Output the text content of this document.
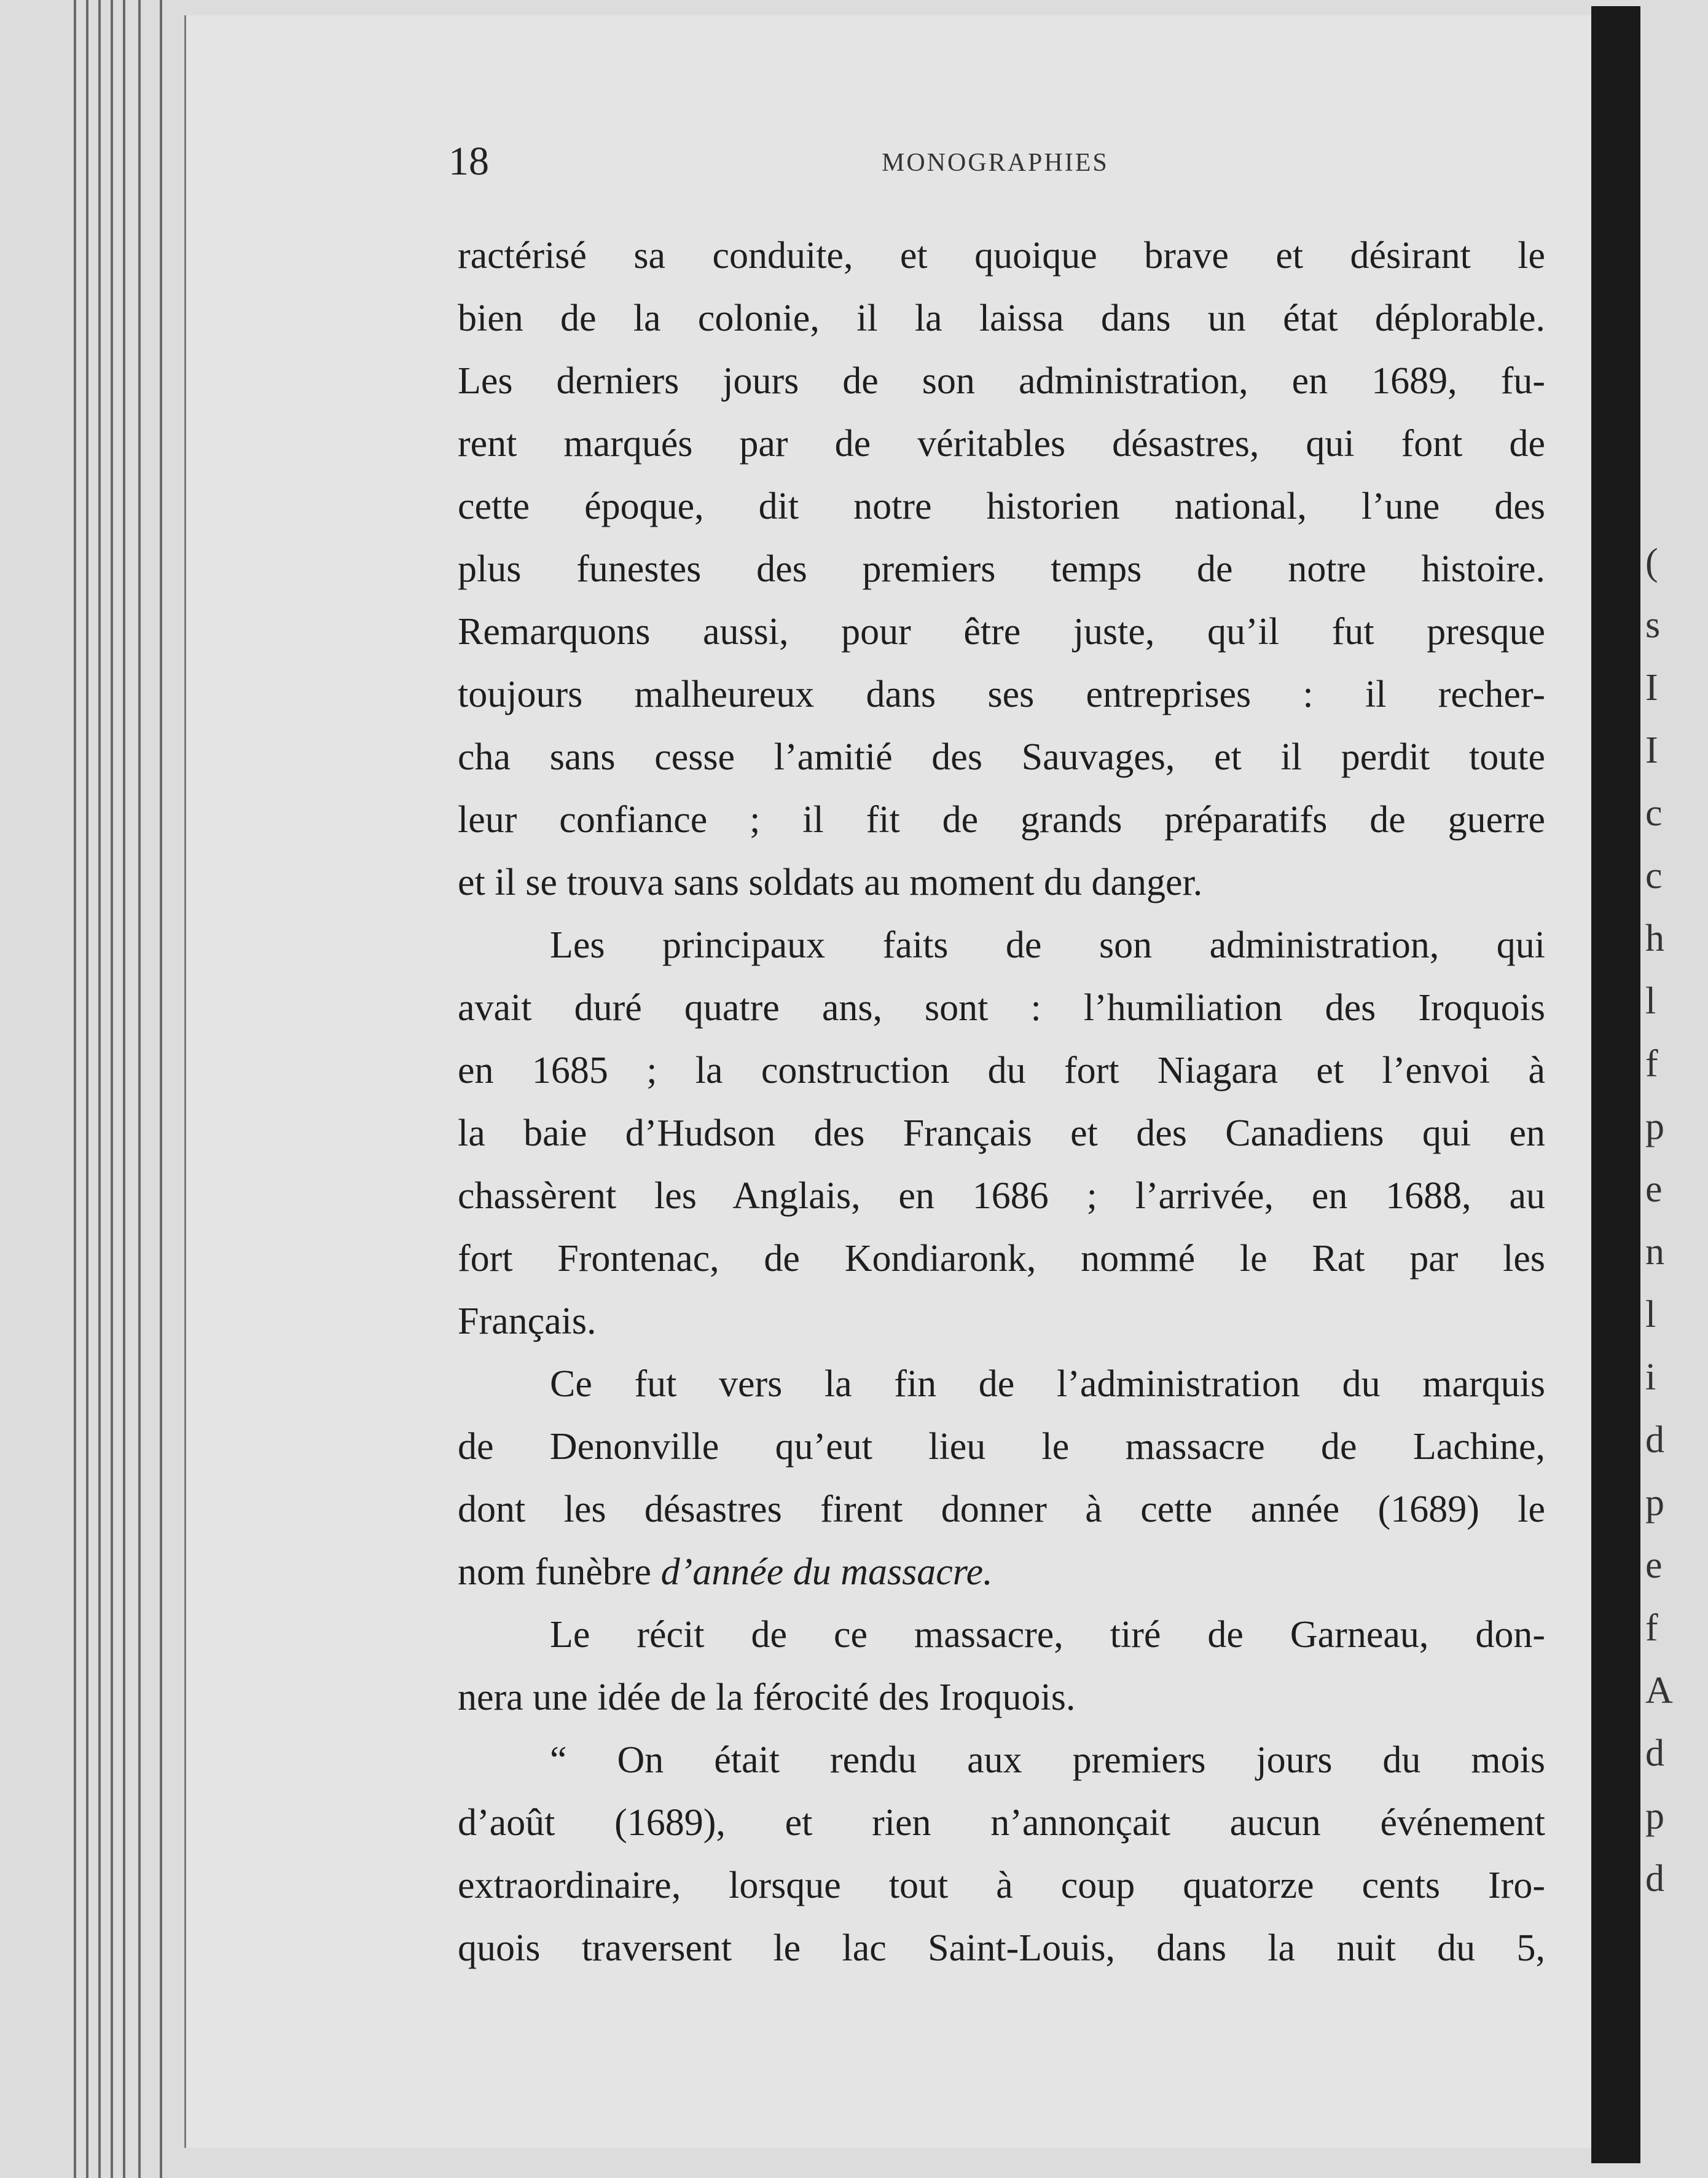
(
s
I
I
c
c
h
l
f
p
e
n
l
i
d
p
e
f
A
d
p
d
18	MONOGRAPHIES
ractérisé sa conduite, et quoique brave et désirant le
bien de la colonie, il la laissa dans un état déplorable.
Les derniers jours de son administration, en 1689, fu-
rent marqués par de véritables désastres, qui font de
cette époque, dit notre historien national, l’une des
plus funestes des premiers temps de notre histoire.
Remarquons aussi, pour être juste, qu’il fut presque
toujours malheureux dans ses entreprises : il recher-
cha sans cesse l’amitié des Sauvages, et il perdit toute
leur confiance ; il fit de grands préparatifs de guerre
et il se trouva sans soldats au moment du danger.
Les principaux faits de son administration, qui
avait duré quatre ans, sont : l’humiliation des Iroquois
en 1685 ; la construction du fort Niagara et l’envoi à
la baie d’Hudson des Français et des Canadiens qui en
chassèrent les Anglais, en 1686 ; l’arrivée, en 1688, au
fort Frontenac, de Kondiaronk, nommé le Rat par les
Français.
Ce fut vers la fin de l’administration du marquis
de Denonville qu’eut lieu le massacre de Lachine,
dont les désastres firent donner à cette année (1689) le
nom funèbre d’année du massacre.
Le récit de ce massacre, tiré de Garneau, don-
nera une idée de la férocité des Iroquois.
“ On était rendu aux premiers jours du mois
d’août (1689), et rien n’annonçait aucun événement
extraordinaire, lorsque tout à coup quatorze cents Iro-
quois traversent le lac Saint-Louis, dans la nuit du 5,
